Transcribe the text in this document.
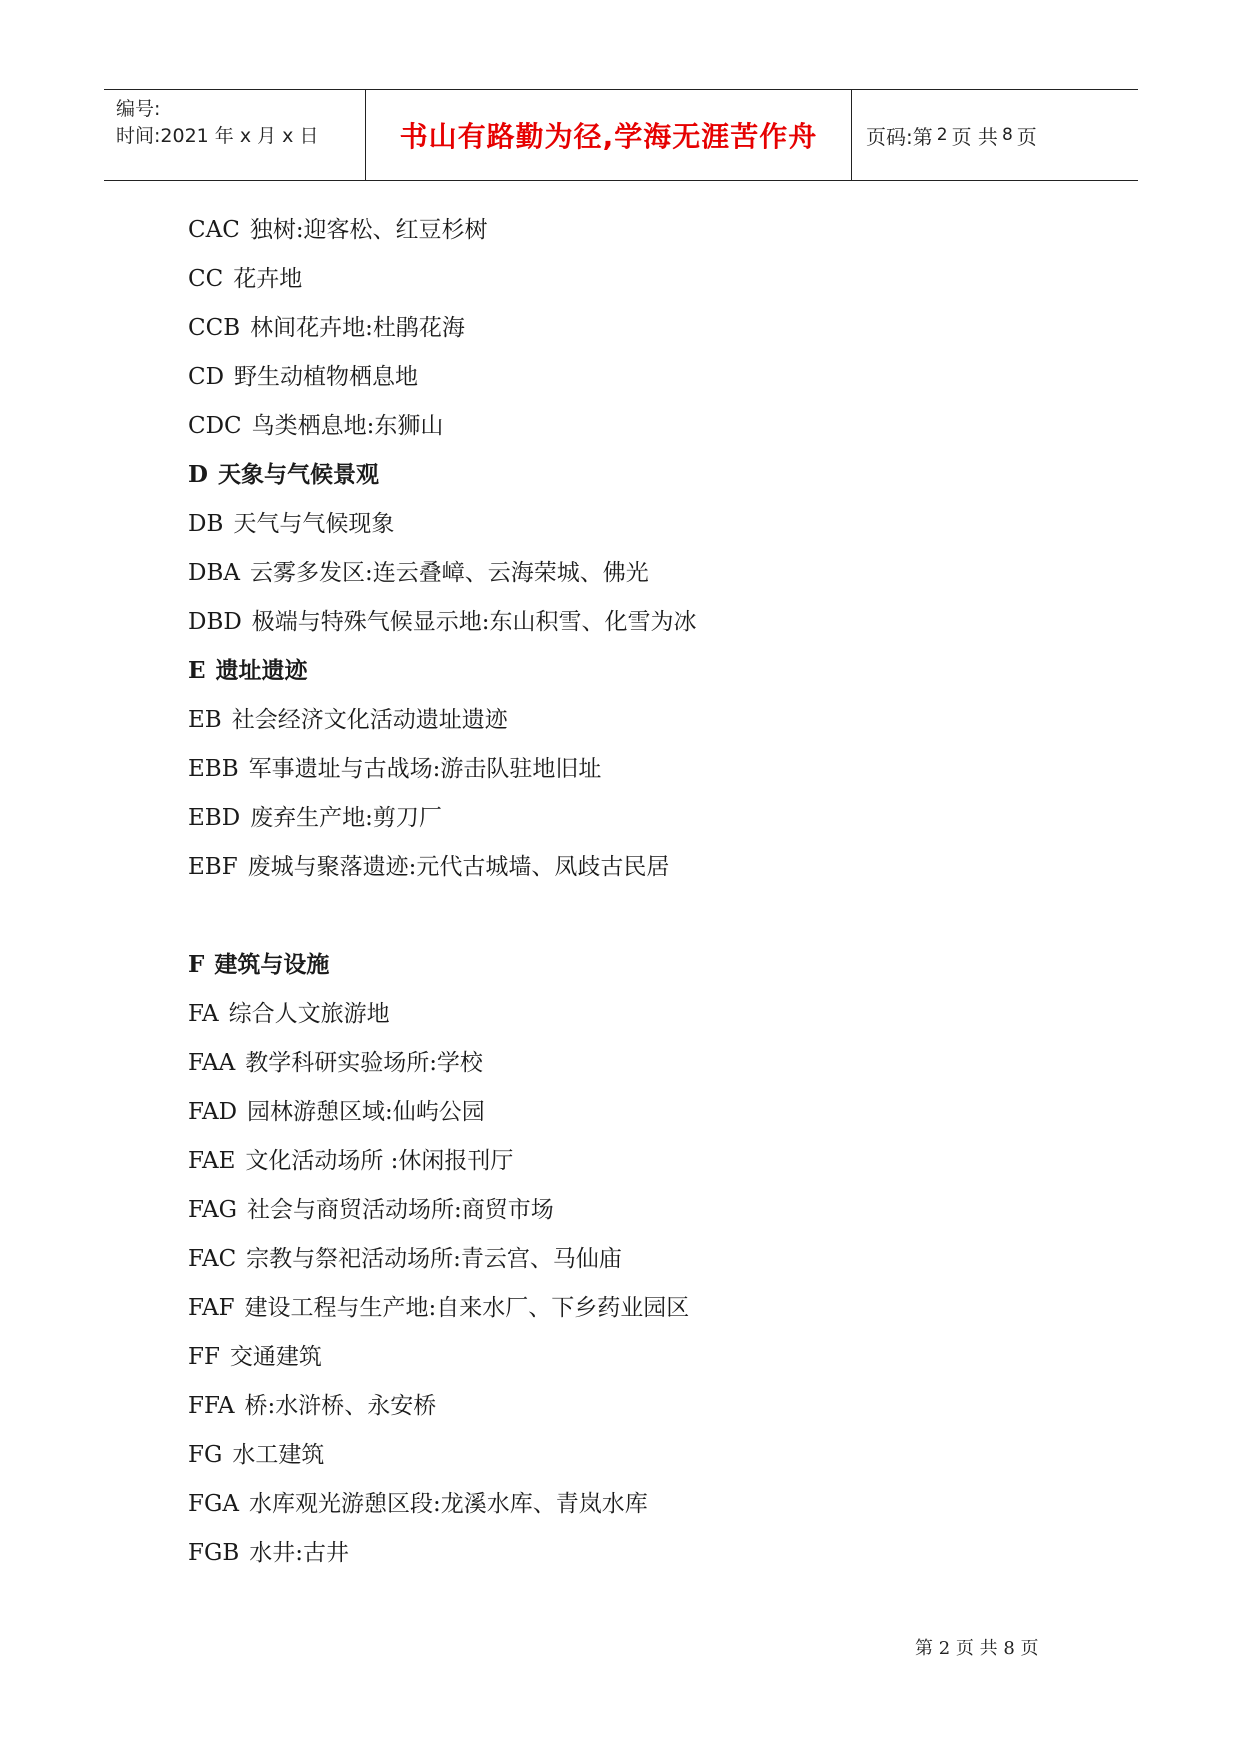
编号:
时间:2021 年 x 月 x 日	书山有路勤为径,学海无涯苦作舟	页码:第 2 页 共 8 页
CAC 独树:迎客松、红豆杉树
CC 花卉地
CCB 林间花卉地:杜鹃花海
CD 野生动植物栖息地
CDC 鸟类栖息地:东狮山
D 天象与气候景观
DB 天气与气候现象
DBA 云雾多发区:连云叠嶂、云海荣城、佛光
DBD 极端与特殊气候显示地:东山积雪、化雪为冰
E 遗址遗迹
EB 社会经济文化活动遗址遗迹
EBB 军事遗址与古战场:游击队驻地旧址
EBD 废弃生产地:剪刀厂
EBF 废城与聚落遗迹:元代古城墙、凤歧古民居
F 建筑与设施
FA 综合人文旅游地
FAA 教学科研实验场所:学校
FAD 园林游憩区域:仙屿公园
FAE 文化活动场所 :休闲报刊厅
FAG 社会与商贸活动场所:商贸市场
FAC 宗教与祭祀活动场所:青云宫、马仙庙
FAF 建设工程与生产地:自来水厂、下乡药业园区
FF 交通建筑
FFA 桥:水浒桥、永安桥
FG 水工建筑
FGA 水库观光游憩区段:龙溪水库、青岚水库
FGB 水井:古井
第 2 页 共 8 页
